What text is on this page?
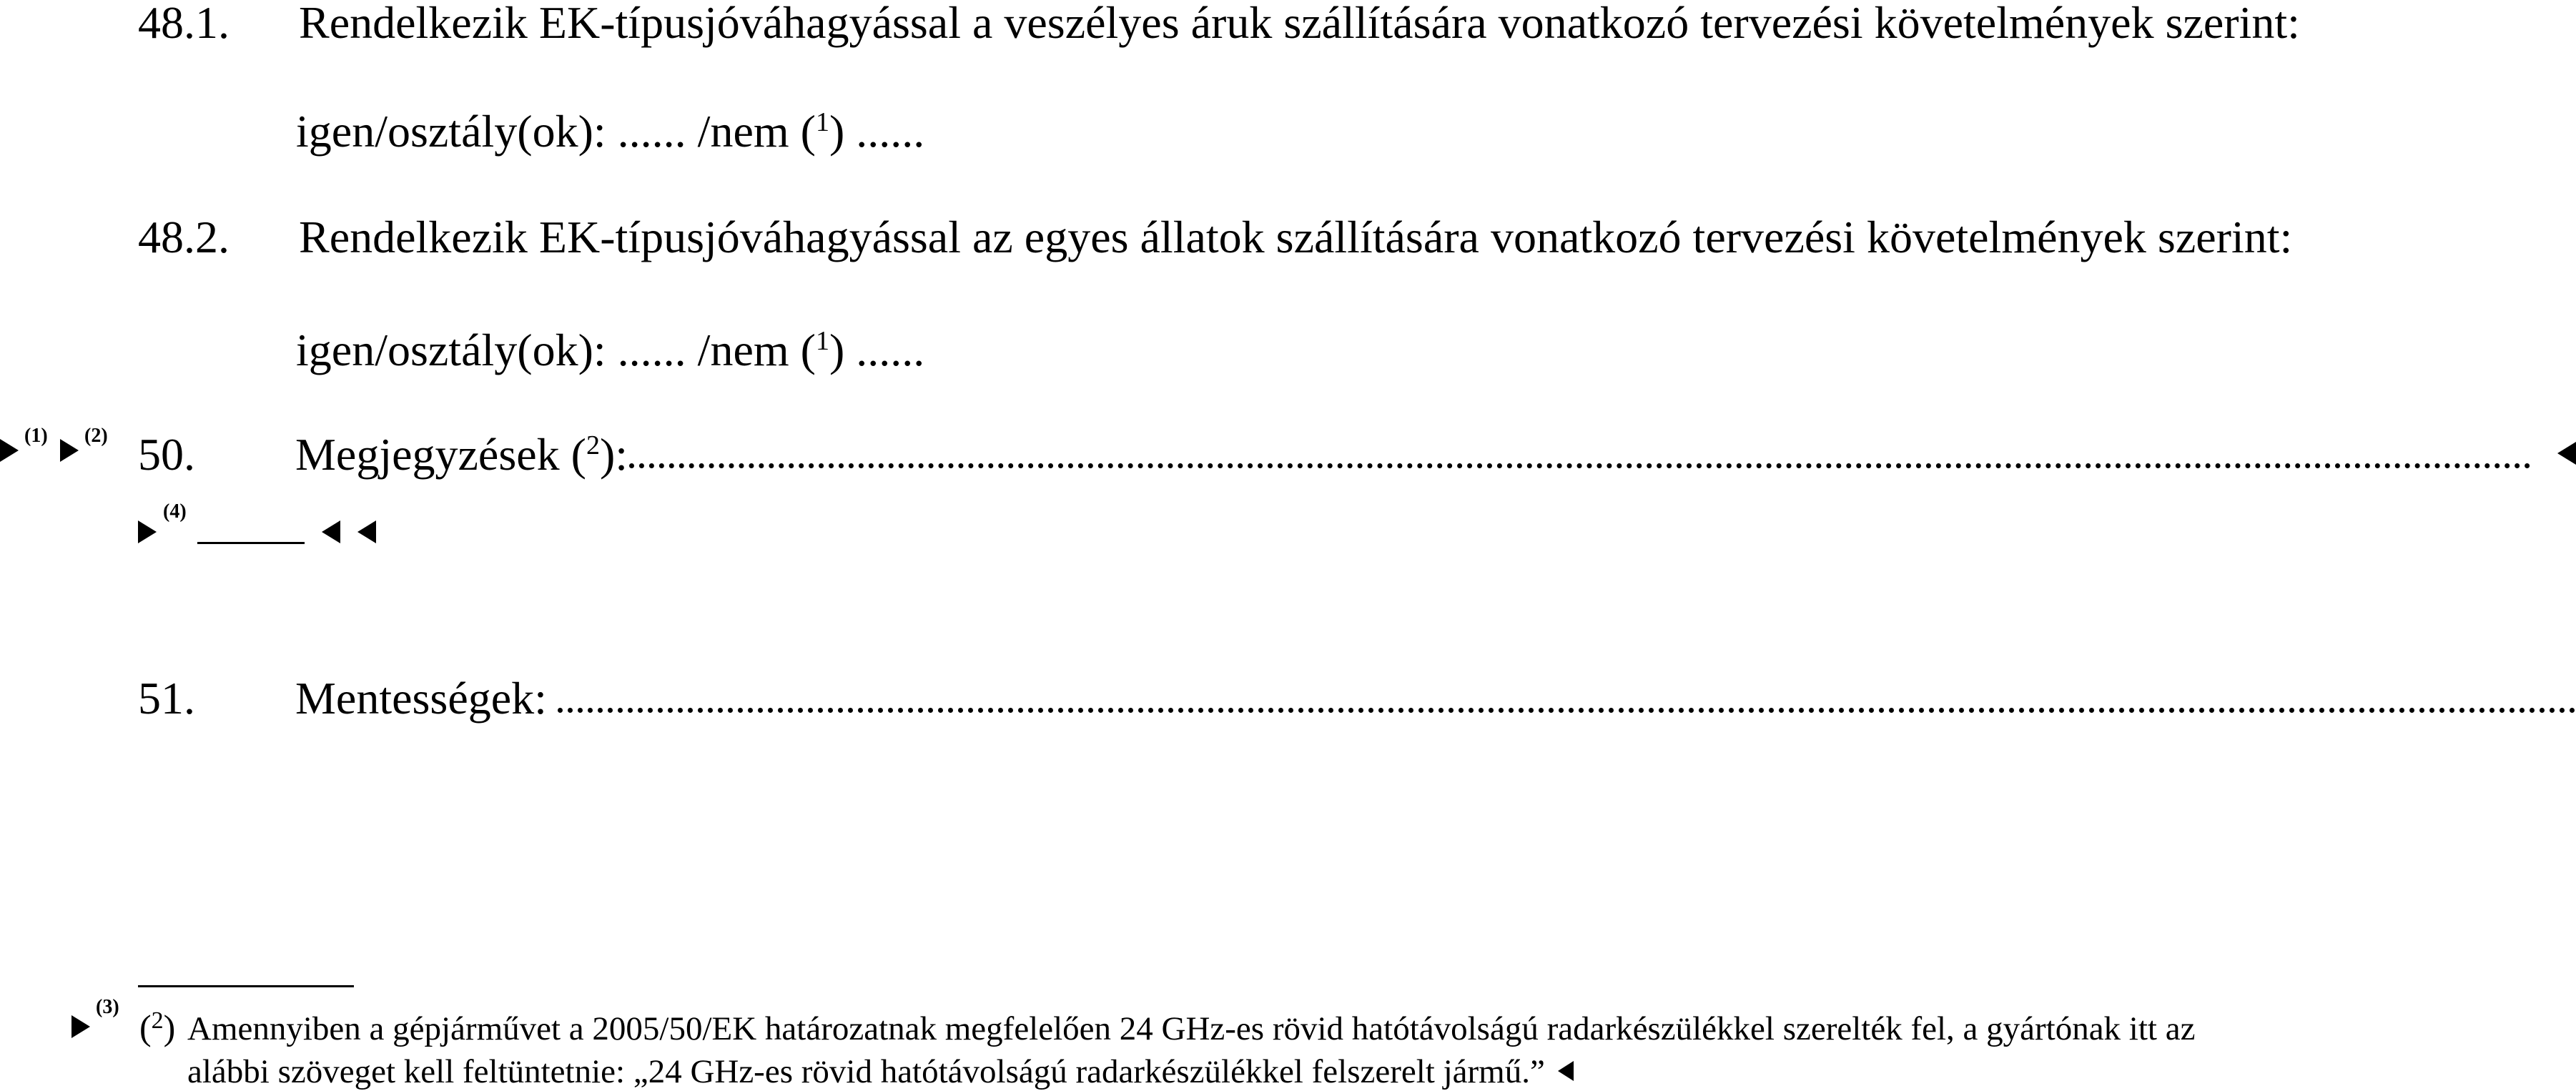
48.1. Rendelkezik EK-típusjóváhagyással a veszélyes áruk szállítására vonatkozó tervezési követelmények szerint:
igen/osztály(ok): ...... /nem ($^1$) ......
48.2. Rendelkezik EK-típusjóváhagyással az egyes állatok szállítására vonatkozó tervezési követelmények szerint:
igen/osztály(ok): ...... /nem ($^1$) ......
(1) (2) 50. Megjegyzések ($^2$):
(4)
51. Mentességek:
(3)
($^2$) Amennyiben a gépjárművet a 2005/50/EK határozatnak megfelelően 24 GHz-es rövid hatótávolságú radarkészülékkel szerelték fel, a gyártónak itt az
alábbi szöveget kell feltüntetnie: „24 GHz-es rövid hatótávolságú radarkészülékkel felszerelt jármű.”
